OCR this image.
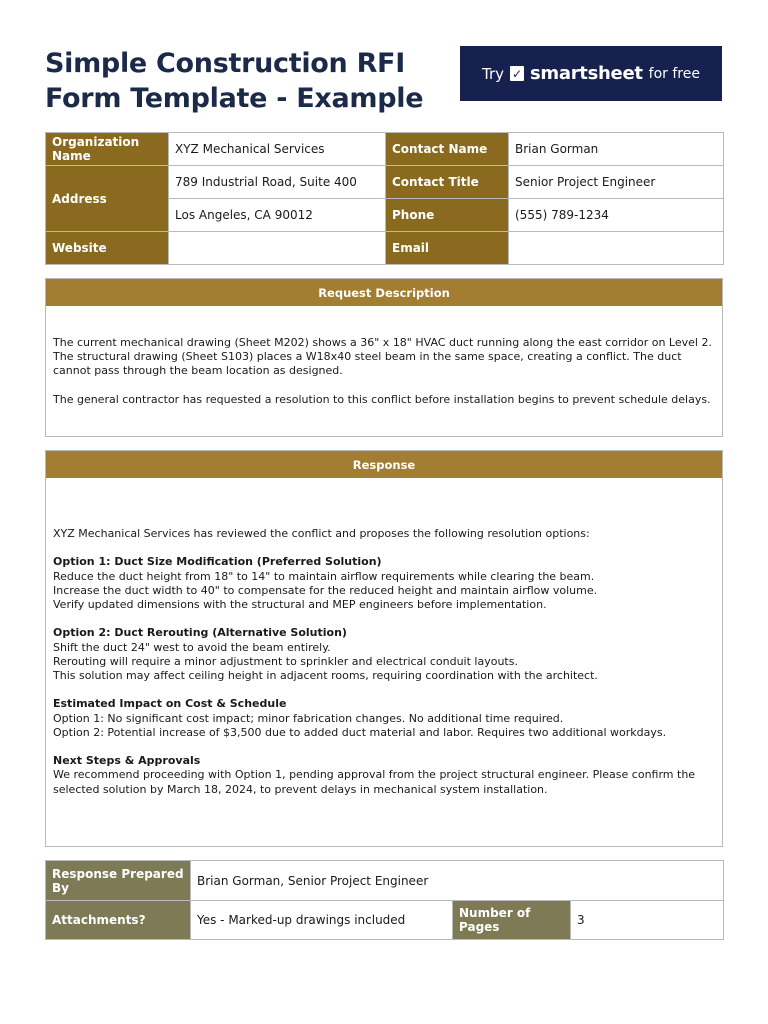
Simple Construction RFI Form Template - Example
Try ✓ smartsheet for free
Organization Name	XYZ Mechanical Services	Contact Name	Brian Gorman
Address	789 Industrial Road, Suite 400	Contact Title	Senior Project Engineer
	Los Angeles, CA 90012	Phone	(555) 789-1234
Website		Email	
Request Description

The current mechanical drawing (Sheet M202) shows a 36" x 18" HVAC duct running along the east corridor on Level 2. The structural drawing (Sheet S103) places a W18x40 steel beam in the same space, creating a conflict. The duct cannot pass through the beam location as designed.

The general contractor has requested a resolution to this conflict before installation begins to prevent schedule delays.

Response

XYZ Mechanical Services has reviewed the conflict and proposes the following resolution options:

Option 1: Duct Size Modification (Preferred Solution)

Reduce the duct height from 18" to 14" to maintain airflow requirements while clearing the beam.

Increase the duct width to 40" to compensate for the reduced height and maintain airflow volume.

Verify updated dimensions with the structural and MEP engineers before implementation.

Option 2: Duct Rerouting (Alternative Solution)

Shift the duct 24" west to avoid the beam entirely.

Rerouting will require a minor adjustment to sprinkler and electrical conduit layouts.

This solution may affect ceiling height in adjacent rooms, requiring coordination with the architect.

Estimated Impact on Cost & Schedule

Option 1: No significant cost impact; minor fabrication changes. No additional time required.

Option 2: Potential increase of $3,500 due to added duct material and labor. Requires two additional workdays.

Next Steps & Approvals

We recommend proceeding with Option 1, pending approval from the project structural engineer. Please confirm the selected solution by March 18, 2024, to prevent delays in mechanical system installation.

Response Prepared By	Brian Gorman, Senior Project Engineer		
Attachments?	Yes - Marked-up drawings included	Number of Pages	3
